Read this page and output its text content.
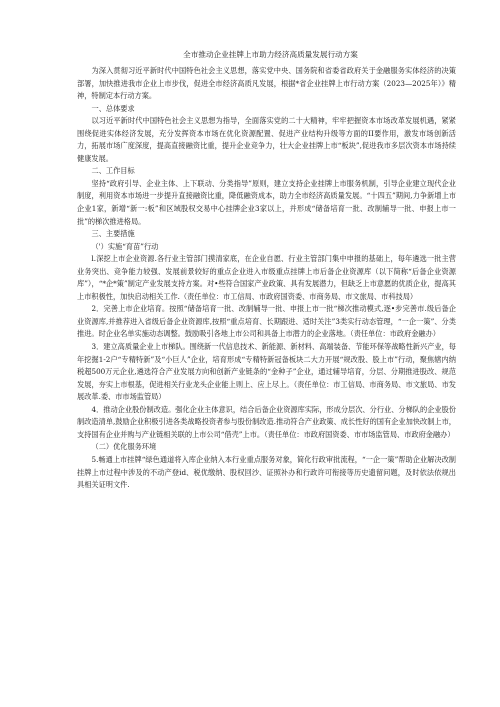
全市推动企业挂牌上市助力经济高质量发展行动方案

为深入贯彻习近平新时代中国特色社会主义思想，落实党中央、国务院和省委省政府关于金融服务实体经济的决策部署，加快推进我市企业上市步伐，促进全市经济高质凡发展，根据*省企业挂牌上市行动方案（2023—2025年）》精神，特制定本行动方案。

一、总体要求

以习近平新时代中国特色社会主义思想为指导，全面落实党的二十大精神，牢牢把握资本市场改革发展机遇，紧紧围绕促进实体经济发展，充分发挥资本市场在优化资源配置、促进产业结构升级等方面的II要作用，激发市场创新活力，拓展市场广度深度，提高直接融资比重，提升企业竞争力，壮大企业挂牌上市“板块”,促进我市多层次资本市场持续健康发展。

二、工作目标

坚持“政府引导、企业主体、上下联动、分类指导”原则，建立支持企业挂牌上市服务机制，引导企业建立现代企业制度，利用资本市场进一步提升直接融资比重，降低融资成本，助力全市经济高质量发展。“十四五”期间,力争新增上市企业1家，新增“新一:板”和区域股权交易中心挂牌企业3家以上，并形成“储备培育一批、改制辅导一批、申报上市一批”的梯次推进格局。

三、主要措施

（'）实施“育苗”行动

l.深挖上市企业资源.各行业主管部门摸清家底，在企业自愿、行业主管部门集中申报的基础上，每年遴选一批主营业务突出、竞争能力较强、发展前景较好的重点企业进入市级重点挂牌上市后备企业资源库（以下简称“后备企业资源库”），“*企*策”制定产业发展支持方案。对•些符合国家产业政策、具有发展潜力，但缺乏上市意愿的优质企业，提高其上市积极性，加快启动相关工作.（责任单位：市工信局、市政府国资委、市商务局、市文旅局、市科技局）

2．完善上市企业培育。按照“储备培育一批、改制辅导一批、申报上市一批“梯次推动模式,逐•步完善市.级后备企业资源库,并推荐进入省级后备企业资源库,按照“重点培育、长期跟进、适时关注”3类实行动态管理，“一企一策”、分类推进。时企业名单实施动态调整。鼓励吸引各地上市公司和具备上市潜力的企业落地。（责任单位：市政府金融办）

3．建立高质量企业上市梯队。围绕新一代信息技术、新能源、新材料、高端装备、节能环保等战略性新兴产业，每年挖掘1-2户“专精特新”及“小巨人”企业，培育形成“专精特新冠备板块二大力开展“规改股、股上市”行动，聚焦辖内纳税超500万元企业,遴选符合产业发展方向和创新产业链条的“金种子”企业，通过辅导培育，分层、分期推进股改、规范发展，夯实上市根基，促进相关行业龙头企业能上则上、应上尽上。（责任单位：市工信局、市商务局、市文旅局、市发展改革.委、市市场监管局）

4．推动企业股份制改造。强化企业主体意识，结合后备企业资源库实际，形成分层次、分行业、分梯队的企业股份制改造清单,鼓励企业积极引进各类战略投资者参与股份制改造.推动符合产业政策、成长性好的国有企业加快改制上市，支持国有企业并购与产业链相关联的上市公司“借壳”上市。（责任单位：市政府国资委、市市场监管局、市政府金融办）

（二）优化服务环境

5.畅通上市挂牌“绿色通道将入库企业纳入本行业重点服务对象，简化行政审批流程，“一企一策”帮助企业解决改制挂牌上市过程中涉及的不动产登id、税优缴纳、股权回沙、证照补办和行政许可衔接等历史遗留问题，及时依法依规出具相关证明文件.
